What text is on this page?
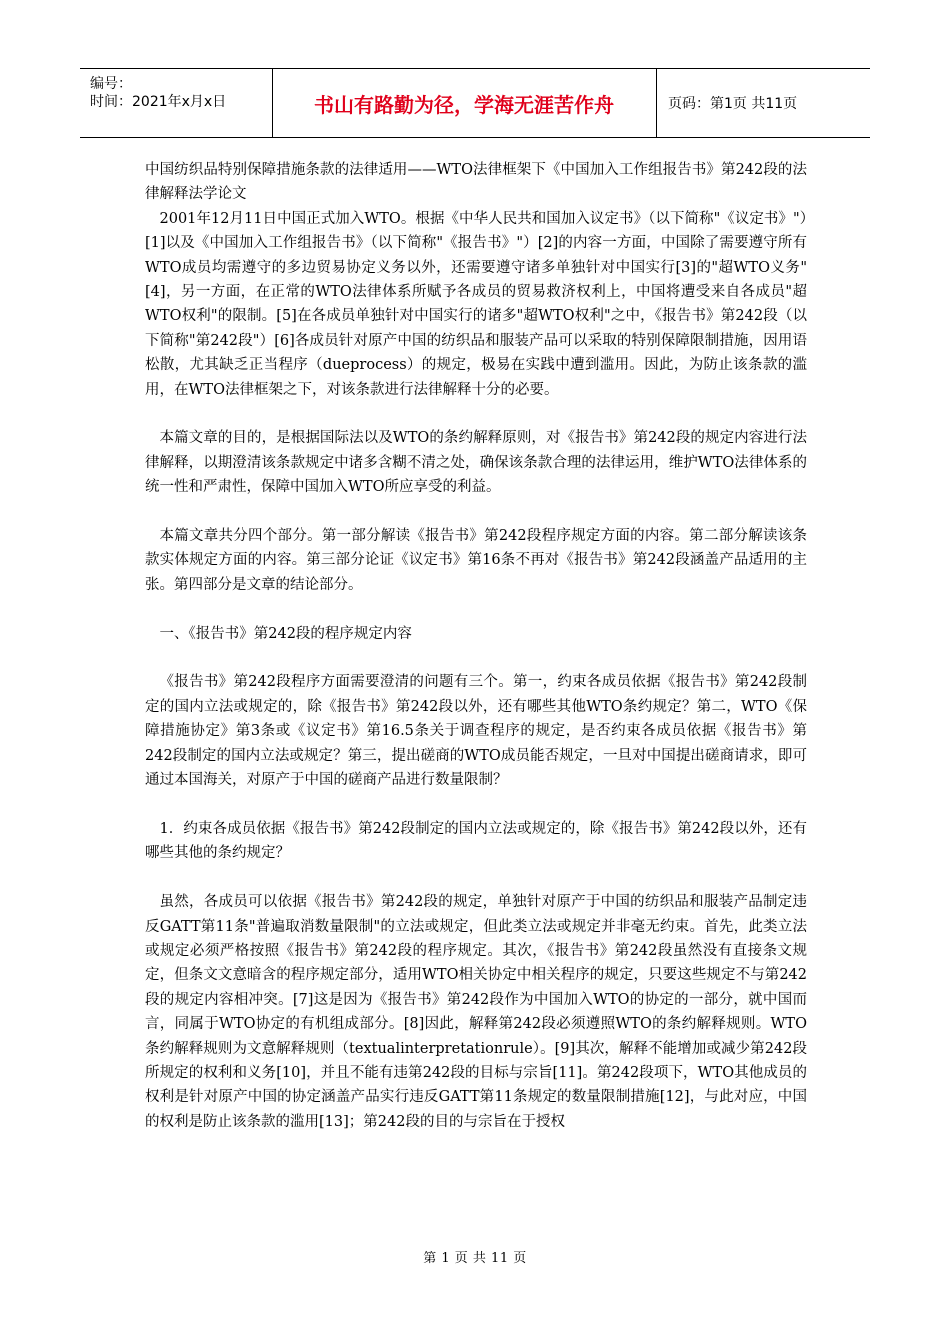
编号：
时间：2021年x月x日	书山有路勤为径，学海无涯苦作舟	页码：第1页 共11页

中国纺织品特别保障措施条款的法律适用——WTO法律框架下《中国加入工作组报告书》第242段的法律解释法学论文

2001年12月11日中国正式加入WTO。根据《中华人民共和国加入议定书》（以下简称"《议定书》"）[1]以及《中国加入工作组报告书》（以下简称"《报告书》"）[2]的内容一方面，中国除了需要遵守所有WTO成员均需遵守的多边贸易协定义务以外，还需要遵守诸多单独针对中国实行[3]的"超WTO义务"[4]，另一方面，在正常的WTO法律体系所赋予各成员的贸易救济权利上，中国将遭受来自各成员"超WTO权利"的限制。[5]在各成员单独针对中国实行的诸多"超WTO权利"之中，《报告书》第242段（以下简称"第242段"）[6]各成员针对原产中国的纺织品和服装产品可以采取的特别保障限制措施，因用语松散，尤其缺乏正当程序（dueprocess）的规定，极易在实践中遭到滥用。因此，为防止该条款的滥用，在WTO法律框架之下，对该条款进行法律解释十分的必要。

本篇文章的目的，是根据国际法以及WTO的条约解释原则，对《报告书》第242段的规定内容进行法律解释，以期澄清该条款规定中诸多含糊不清之处，确保该条款合理的法律运用，维护WTO法律体系的统一性和严肃性，保障中国加入WTO所应享受的利益。

本篇文章共分四个部分。第一部分解读《报告书》第242段程序规定方面的内容。第二部分解读该条款实体规定方面的内容。第三部分论证《议定书》第16条不再对《报告书》第242段涵盖产品适用的主张。第四部分是文章的结论部分。

一、《报告书》第242段的程序规定内容

《报告书》第242段程序方面需要澄清的问题有三个。第一，约束各成员依据《报告书》第242段制定的国内立法或规定的，除《报告书》第242段以外，还有哪些其他WTO条约规定？第二，WTO《保障措施协定》第3条或《议定书》第16.5条关于调查程序的规定，是否约束各成员依据《报告书》第242段制定的国内立法或规定？第三，提出磋商的WTO成员能否规定，一旦对中国提出磋商请求，即可通过本国海关，对原产于中国的磋商产品进行数量限制？

1．约束各成员依据《报告书》第242段制定的国内立法或规定的，除《报告书》第242段以外，还有哪些其他的条约规定？

虽然，各成员可以依据《报告书》第242段的规定，单独针对原产于中国的纺织品和服装产品制定违反GATT第11条"普遍取消数量限制"的立法或规定，但此类立法或规定并非毫无约束。首先，此类立法或规定必须严格按照《报告书》第242段的程序规定。其次，《报告书》第242段虽然没有直接条文规定，但条文文意暗含的程序规定部分，适用WTO相关协定中相关程序的规定，只要这些规定不与第242段的规定内容相冲突。[7]这是因为《报告书》第242段作为中国加入WTO的协定的一部分，就中国而言，同属于WTO协定的有机组成部分。[8]因此，解释第242段必须遵照WTO的条约解释规则。WTO条约解释规则为文意解释规则（textualinterpretationrule）。[9]其次，解释不能增加或减少第242段所规定的权利和义务[10]，并且不能有违第242段的目标与宗旨[11]。第242段项下，WTO其他成员的权利是针对原产中国的协定涵盖产品实行违反GATT第11条规定的数量限制措施[12]，与此对应，中国的权利是防止该条款的滥用[13]；第242段的目的与宗旨在于授权

第 1 页 共 11 页
